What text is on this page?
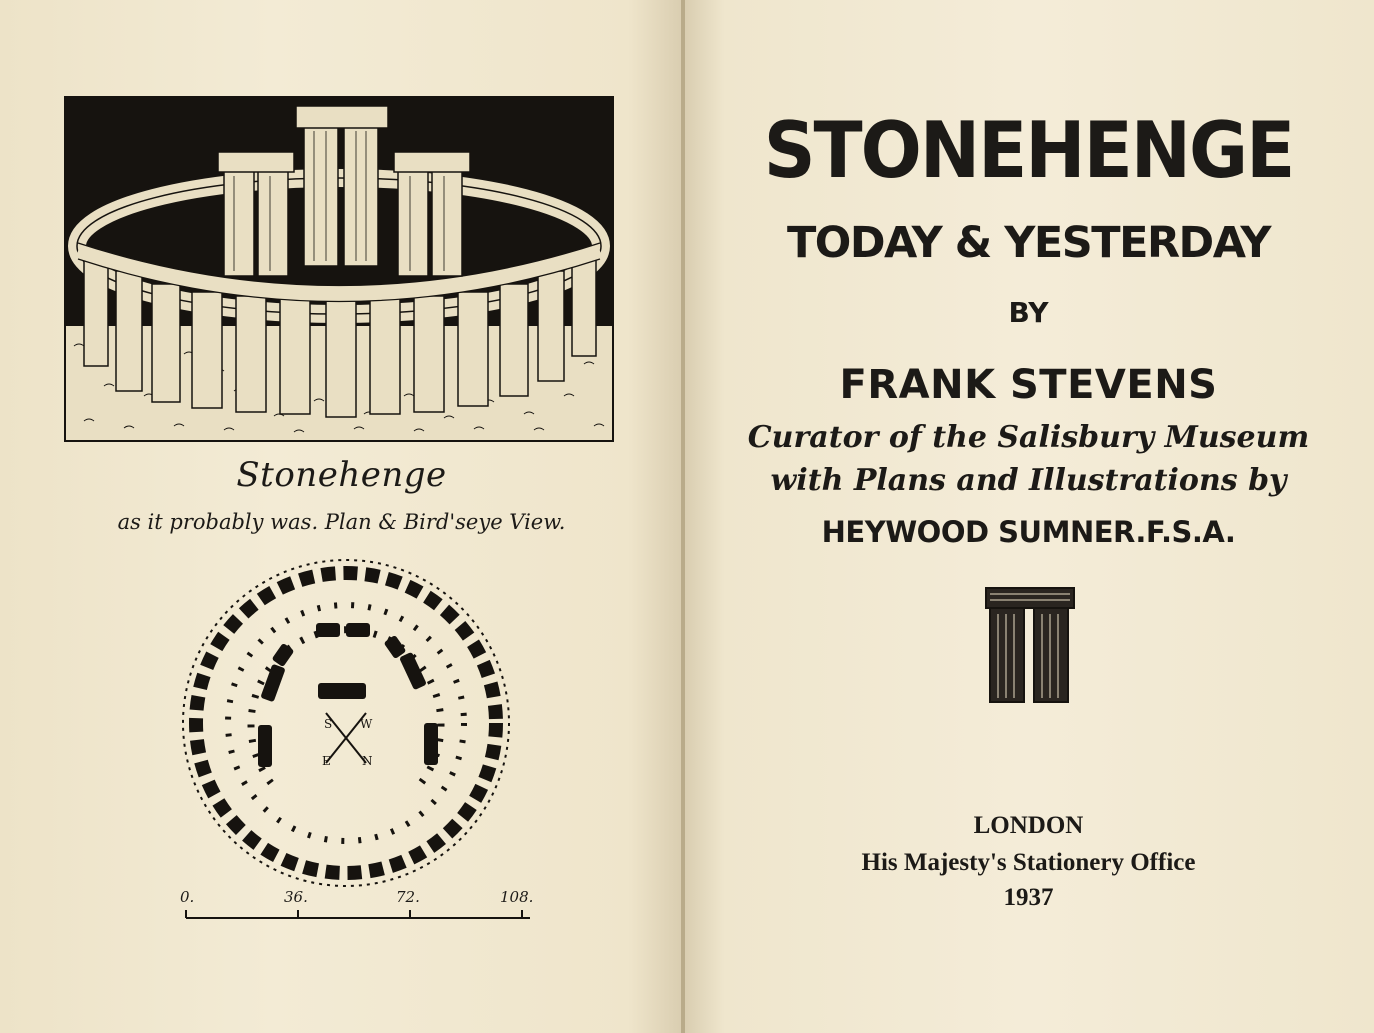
Stonehenge
as it probably was. Plan & Bird'seye View.
S W
E	N
0.	36.	72.	108.
STONEHENGE
TODAY & YESTERDAY
BY
FRANK STEVENS
Curator of the Salisbury Museum
with Plans and Illustrations by
HEYWOOD SUMNER.F.S.A.
LONDON
His Majesty's Stationery Office
1937
